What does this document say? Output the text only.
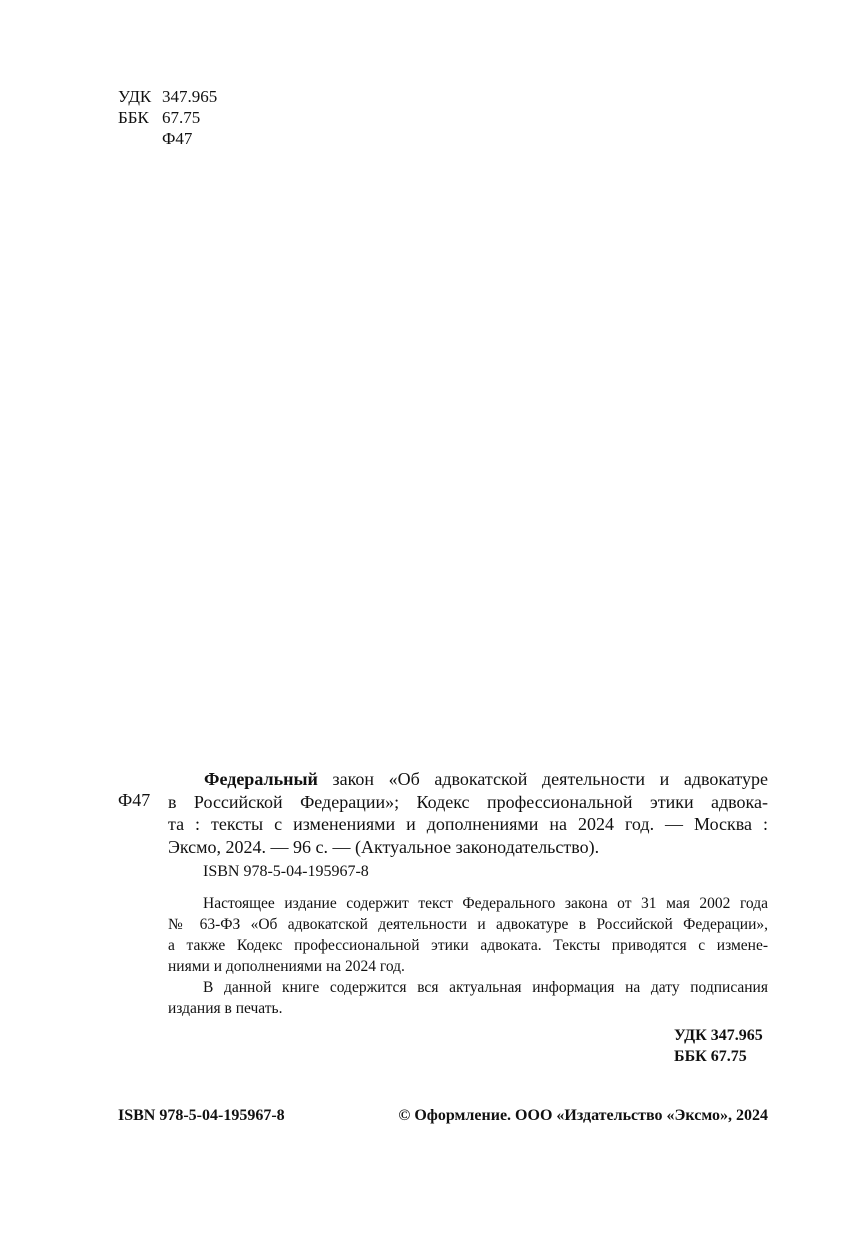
УДК 347.965
ББК 67.75
Ф47
Ф47

Федеральный закон «Об адвокатской деятельности и адвокатуре

в Российской Федерации»; Кодекс профессиональной этики адвока-

та : тексты с изменениями и дополнениями на 2024 год. — Москва :

Эксмо, 2024. — 96 с. — (Актуальное законодательство).

ISBN 978-5-04-195967-8
Настоящее издание содержит текст Федерального закона от 31 мая 2002 года
№ 63-ФЗ «Об адвокатской деятельности и адвокатуре в Российской Федерации»,
а также Кодекс профессиональной этики адвоката. Тексты приводятся с измене-
ниями и дополнениями на 2024 год.
В данной книге содержится вся актуальная информация на дату подписания
издания в печать.
УДК 347.965
ББК 67.75
ISBN 978-5-04-195967-8	© Оформление. ООО «Издательство «Эксмо», 2024
